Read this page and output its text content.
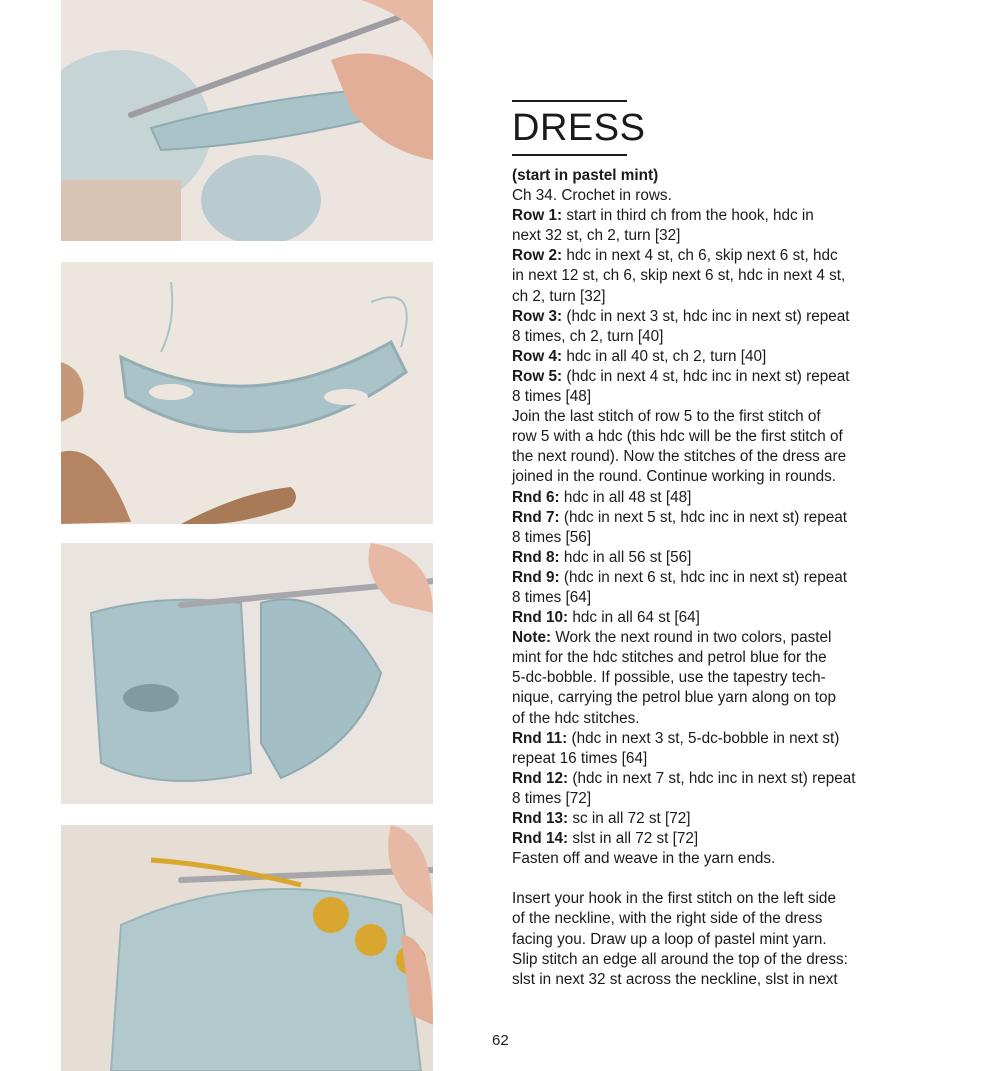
DRESS
(start in pastel mint)
Ch 34. Crochet in rows.
Row 1: start in third ch from the hook, hdc in
next 32 st, ch 2, turn [32]
Row 2: hdc in next 4 st, ch 6, skip next 6 st, hdc
in next 12 st, ch 6, skip next 6 st, hdc in next 4 st,
ch 2, turn [32]
Row 3: (hdc in next 3 st, hdc inc in next st) repeat
8 times, ch 2, turn [40]
Row 4: hdc in all 40 st, ch 2, turn [40]
Row 5: (hdc in next 4 st, hdc inc in next st) repeat
8 times [48]
Join the last stitch of row 5 to the first stitch of
row 5 with a hdc (this hdc will be the first stitch of
the next round). Now the stitches of the dress are
joined in the round. Continue working in rounds.
Rnd 6: hdc in all 48 st [48]
Rnd 7: (hdc in next 5 st, hdc inc in next st) repeat
8 times [56]
Rnd 8: hdc in all 56 st [56]
Rnd 9: (hdc in next 6 st, hdc inc in next st) repeat
8 times [64]
Rnd 10: hdc in all 64 st [64]
Note: Work the next round in two colors, pastel
mint for the hdc stitches and petrol blue for the
5-dc-bobble. If possible, use the tapestry tech-
nique, carrying the petrol blue yarn along on top
of the hdc stitches.
Rnd 11: (hdc in next 3 st, 5-dc-bobble in next st)
repeat 16 times [64]
Rnd 12: (hdc in next 7 st, hdc inc in next st) repeat
8 times [72]
Rnd 13: sc in all 72 st [72]
Rnd 14: slst in all 72 st [72]
Fasten off and weave in the yarn ends.
Insert your hook in the first stitch on the left side
of the neckline, with the right side of the dress
facing you. Draw up a loop of pastel mint yarn.
Slip stitch an edge all around the top of the dress:
slst in next 32 st across the neckline, slst in next
62
